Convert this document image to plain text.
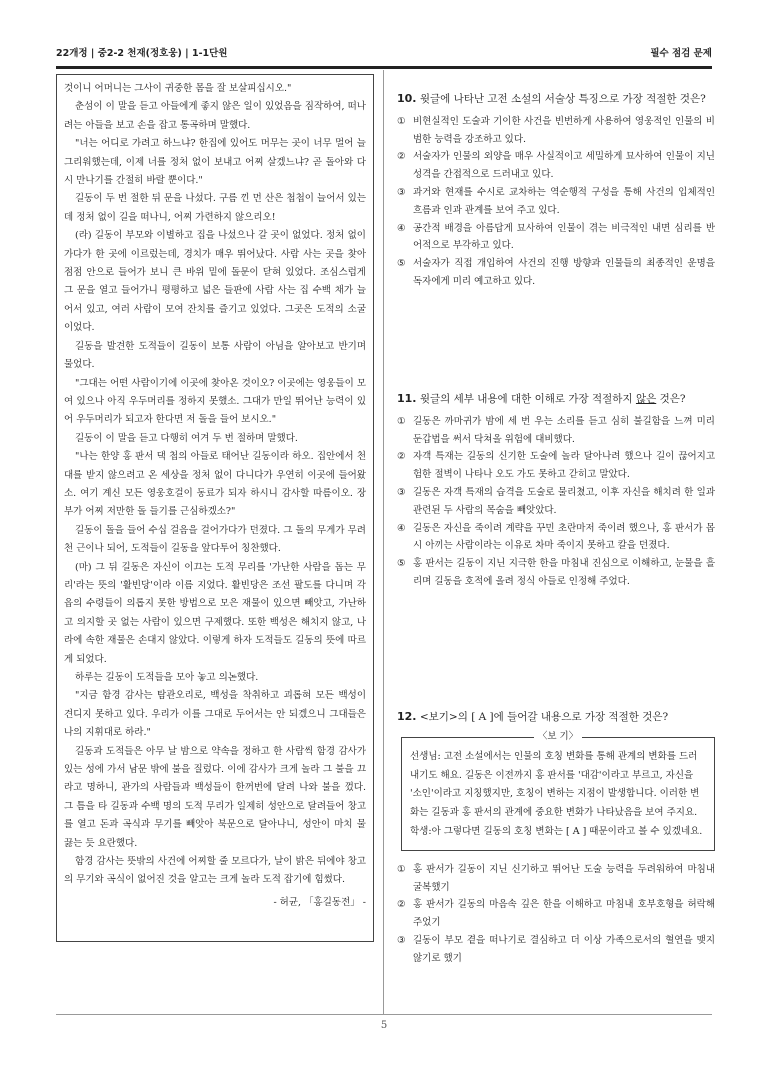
22개정 | 중2-2 천재(정호웅) | 1-1단원	필수 점검 문제

것이니 어머니는 그사이 귀중한 몸을 잘 보살피십시오."

춘섬이 이 말을 듣고 아들에게 좋지 않은 일이 있었음을 짐작하여, 떠나려는 아들을 보고 손을 잡고 통곡하며 말했다.

"너는 어디로 가려고 하느냐? 한집에 있어도 머무는 곳이 너무 멀어 늘 그리워했는데, 이제 너를 정처 없이 보내고 어찌 살겠느냐? 곧 돌아와 다시 만나기를 간절히 바랄 뿐이다."

길동이 두 번 절한 뒤 문을 나섰다. 구름 낀 먼 산은 첩첩이 늘어서 있는데 정처 없이 길을 떠나니, 어찌 가련하지 않으리오!

(라) 길동이 부모와 이별하고 집을 나섰으나 갈 곳이 없었다. 정처 없이 가다가 한 곳에 이르렀는데, 경치가 매우 뛰어났다. 사람 사는 곳을 찾아 점점 안으로 들어가 보니 큰 바위 밑에 돌문이 닫혀 있었다. 조심스럽게 그 문을 열고 들어가니 평평하고 넓은 들판에 사람 사는 집 수백 채가 늘어서 있고, 여러 사람이 모여 잔치를 즐기고 있었다. 그곳은 도적의 소굴이었다.

길동을 발견한 도적들이 길동이 보통 사람이 아님을 알아보고 반기며 물었다.

"그대는 어떤 사람이기에 이곳에 찾아온 것이오? 이곳에는 영웅들이 모여 있으나 아직 우두머리를 정하지 못했소. 그대가 만일 뛰어난 능력이 있어 우두머리가 되고자 한다면 저 돌을 들어 보시오."

길동이 이 말을 듣고 다행히 여겨 두 번 절하며 말했다.

"나는 한양 홍 판서 댁 첩의 아들로 태어난 길동이라 하오. 집안에서 천대를 받지 않으려고 온 세상을 정처 없이 다니다가 우연히 이곳에 들어왔소. 여기 계신 모든 영웅호걸이 동료가 되자 하시니 감사할 따름이오. 장부가 어찌 저만한 돌 들기를 근심하겠소?"

길동이 돌을 들어 수십 걸음을 걸어가다가 던졌다. 그 돌의 무게가 무려 천 근이나 되어, 도적들이 길동을 앞다투어 칭찬했다.

(마) 그 뒤 길동은 자신이 이끄는 도적 무리를 '가난한 사람을 돕는 무리'라는 뜻의 '활빈당'이라 이름 지었다. 활빈당은 조선 팔도를 다니며 각 읍의 수령들이 의롭지 못한 방법으로 모은 재물이 있으면 빼앗고, 가난하고 의지할 곳 없는 사람이 있으면 구제했다. 또한 백성은 해치지 않고, 나라에 속한 재물은 손대지 않았다. 이렇게 하자 도적들도 길동의 뜻에 따르게 되었다.

하루는 길동이 도적들을 모아 놓고 의논했다.

"지금 함경 감사는 탐관오리로, 백성을 착취하고 괴롭혀 모든 백성이 견디지 못하고 있다. 우리가 이를 그대로 두어서는 안 되겠으니 그대들은 나의 지휘대로 하라."

길동과 도적들은 아무 날 밤으로 약속을 정하고 한 사람씩 함경 감사가 있는 성에 가서 남문 밖에 불을 질렀다. 이에 감사가 크게 놀라 그 불을 끄라고 명하니, 관가의 사람들과 백성들이 한꺼번에 달려 나와 불을 껐다. 그 틈을 타 길동과 수백 명의 도적 무리가 일제히 성안으로 달려들어 창고를 열고 돈과 곡식과 무기를 빼앗아 북문으로 달아나니, 성안이 마치 물 끓는 듯 요란했다.

함경 감사는 뜻밖의 사건에 어찌할 줄 모르다가, 날이 밝은 뒤에야 창고의 무기와 곡식이 없어진 것을 알고는 크게 놀라 도적 잡기에 힘썼다.

- 허균, 「홍길동전」 -

10. 윗글에 나타난 고전 소설의 서술상 특징으로 가장 적절한 것은?

① 비현실적인 도술과 기이한 사건을 빈번하게 사용하여 영웅적인 인물의 비범한 능력을 강조하고 있다.
② 서술자가 인물의 외양을 매우 사실적이고 세밀하게 묘사하여 인물이 지닌 성격을 간접적으로 드러내고 있다.
③ 과거와 현재를 수시로 교차하는 역순행적 구성을 통해 사건의 입체적인 흐름과 인과 관계를 보여 주고 있다.
④ 공간적 배경을 아름답게 묘사하여 인물이 겪는 비극적인 내면 심리를 반어적으로 부각하고 있다.
⑤ 서술자가 직접 개입하여 사건의 진행 방향과 인물들의 최종적인 운명을 독자에게 미리 예고하고 있다.

11. 윗글의 세부 내용에 대한 이해로 가장 적절하지 않은 것은?

① 길동은 까마귀가 밤에 세 번 우는 소리를 듣고 심히 불길함을 느껴 미리 둔갑법을 써서 닥쳐올 위험에 대비했다.
② 자객 특재는 길동의 신기한 도술에 놀라 달아나려 했으나 길이 끊어지고 험한 절벽이 나타나 오도 가도 못하고 갇히고 말았다.
③ 길동은 자객 특재의 습격을 도술로 물리쳤고, 이후 자신을 해치려 한 일과 관련된 두 사람의 목숨을 빼앗았다.
④ 길동은 자신을 죽이려 계략을 꾸민 초란마저 죽이려 했으나, 홍 판서가 몹시 아끼는 사람이라는 이유로 차마 죽이지 못하고 칼을 던졌다.
⑤ 홍 판서는 길동이 지닌 지극한 한을 마침내 진심으로 이해하고, 눈물을 흘리며 길동을 호적에 올려 정식 아들로 인정해 주었다.

12. <보기>의 [ A ]에 들어갈 내용으로 가장 적절한 것은?

〈보 기〉

선생님: 고전 소설에서는 인물의 호칭 변화를 통해 관계의 변화를 드러내기도 해요. 길동은 이전까지 홍 판서를 '대감'이라고 부르고, 자신을 '소인'이라고 지칭했지만, 호칭이 변하는 지점이 발생합니다. 이러한 변화는 길동과 홍 판서의 관계에 중요한 변화가 나타났음을 보여 주지요.

학생: 아 그렇다면 길동의 호칭 변화는 [ A ] 때문이라고 볼 수 있겠네요.
① 홍 판서가 길동이 지닌 신기하고 뛰어난 도술 능력을 두려워하여 마침내 굴복했기
② 홍 판서가 길동의 마음속 깊은 한을 이해하고 마침내 호부호형을 허락해 주었기
③ 길동이 부모 곁을 떠나기로 결심하고 더 이상 가족으로서의 혈연을 맺지 않기로 했기
5
